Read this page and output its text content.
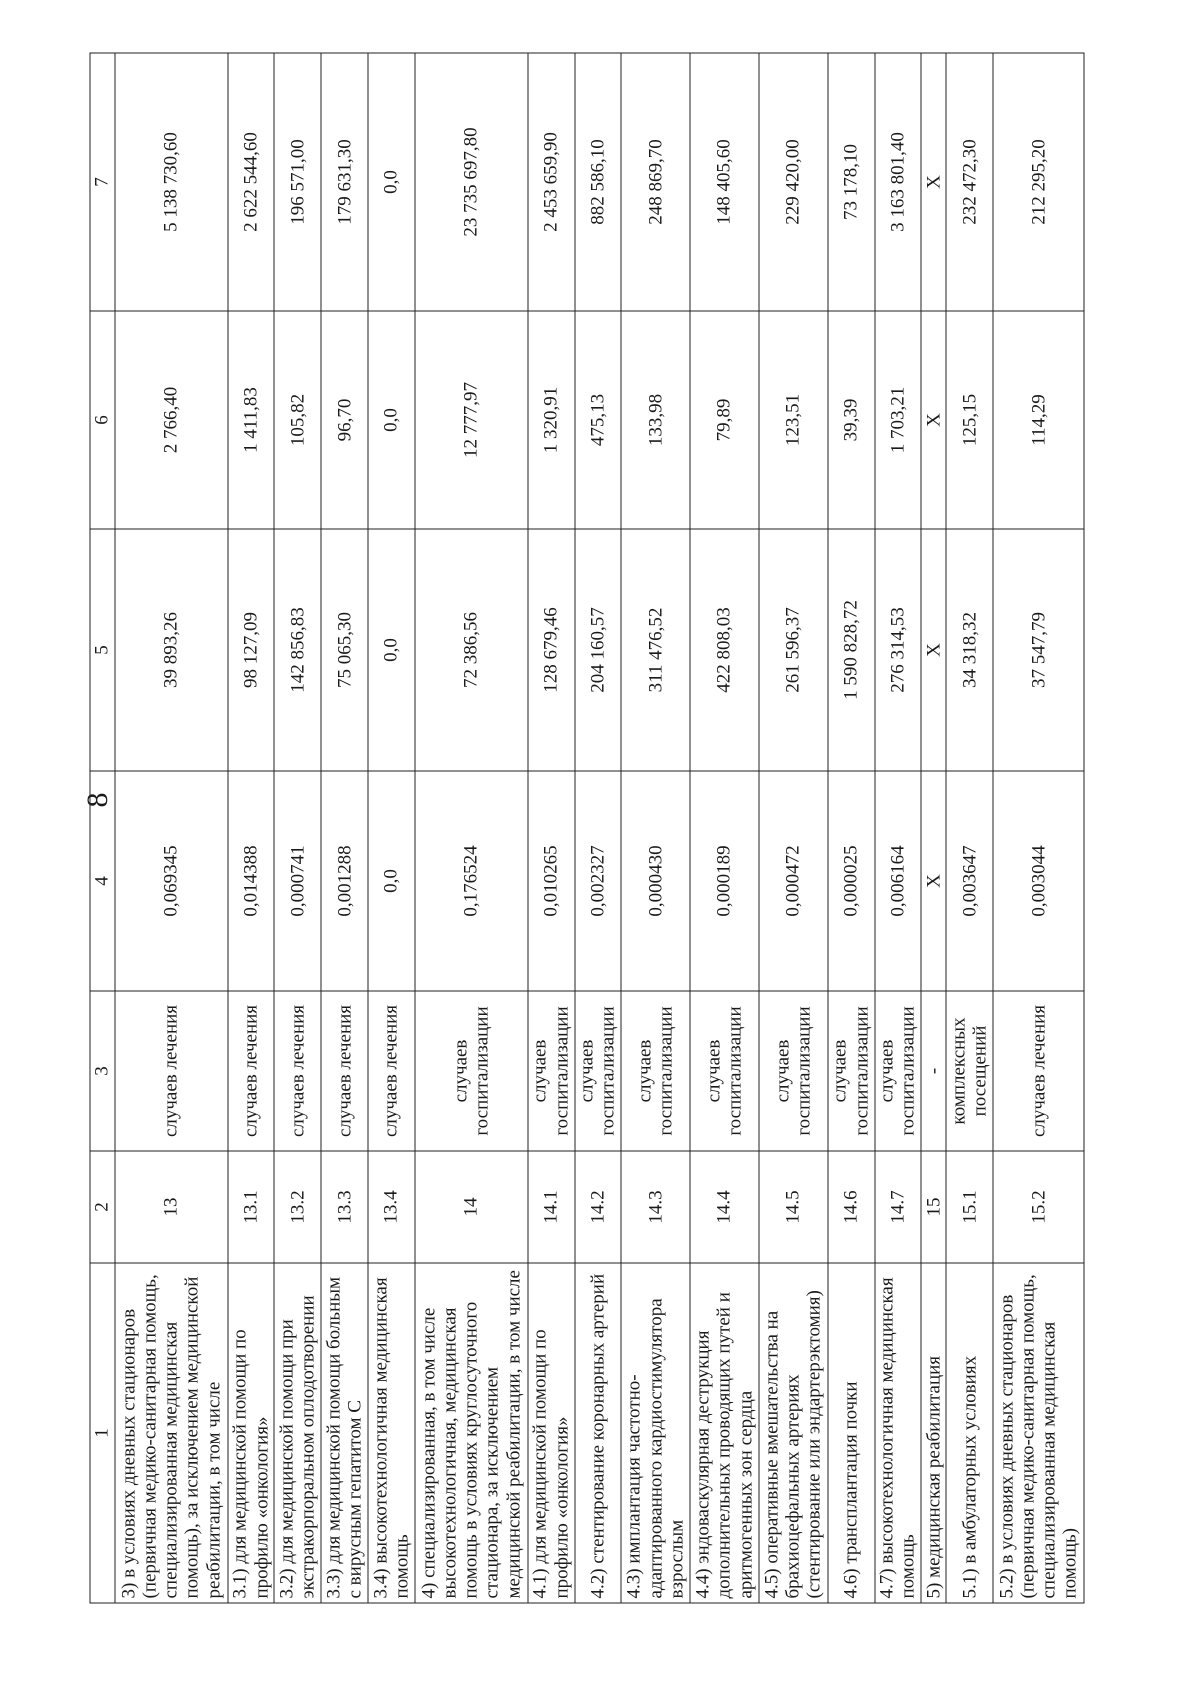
8
1	2	3	4	5	6	7
3) в условиях дневных стационаров (первичная медико-санитарная помощь, специализированная медицинская помощь), за исключением медицинской реабилитации, в том числе	13	случаев лечения	0,069345	39 893,26	2 766,40	5 138 730,60
3.1) для медицинской помощи по профилю «онкология»	13.1	случаев лечения	0,014388	98 127,09	1 411,83	2 622 544,60
3.2) для медицинской помощи при экстракорпоральном оплодотворении	13.2	случаев лечения	0,000741	142 856,83	105,82	196 571,00
3.3) для медицинской помощи больным с вирусным гепатитом С	13.3	случаев лечения	0,001288	75 065,30	96,70	179 631,30
3.4) высокотехнологичная медицинская помощь	13.4	случаев лечения	0,0	0,0	0,0	0,0
4) специализированная, в том числе высокотехнологичная, медицинская помощь в условиях круглосуточного стационара, за исключением медицинской реабилитации, в том числе	14	случаев госпитализации	0,176524	72 386,56	12 777,97	23 735 697,80
4.1) для медицинской помощи по профилю «онкология»	14.1	случаев госпитализации	0,010265	128 679,46	1 320,91	2 453 659,90
4.2) стентирование коронарных артерий	14.2	случаев госпитализации	0,002327	204 160,57	475,13	882 586,10
4.3) имплантация частотно-адаптированного кардиостимулятора взрослым	14.3	случаев госпитализации	0,000430	311 476,52	133,98	248 869,70
4.4) эндоваскулярная деструкция дополнительных проводящих путей и аритмогенных зон сердца	14.4	случаев госпитализации	0,000189	422 808,03	79,89	148 405,60
4.5) оперативные вмешательства на брахиоцефальных артериях (стентирование или эндартерэктомия)	14.5	случаев госпитализации	0,000472	261 596,37	123,51	229 420,00
4.6) трансплантация почки	14.6	случаев госпитализации	0,000025	1 590 828,72	39,39	73 178,10
4.7) высокотехнологичная медицинская помощь	14.7	случаев госпитализации	0,006164	276 314,53	1 703,21	3 163 801,40
5) медицинская реабилитация	15	-	X	X	X	X
5.1) в амбулаторных условиях	15.1	комплексных посещений	0,003647	34 318,32	125,15	232 472,30
5.2) в условиях дневных стационаров (первичная медико-санитарная помощь, специализированная медицинская помощь)	15.2	случаев лечения	0,003044	37 547,79	114,29	212 295,20
